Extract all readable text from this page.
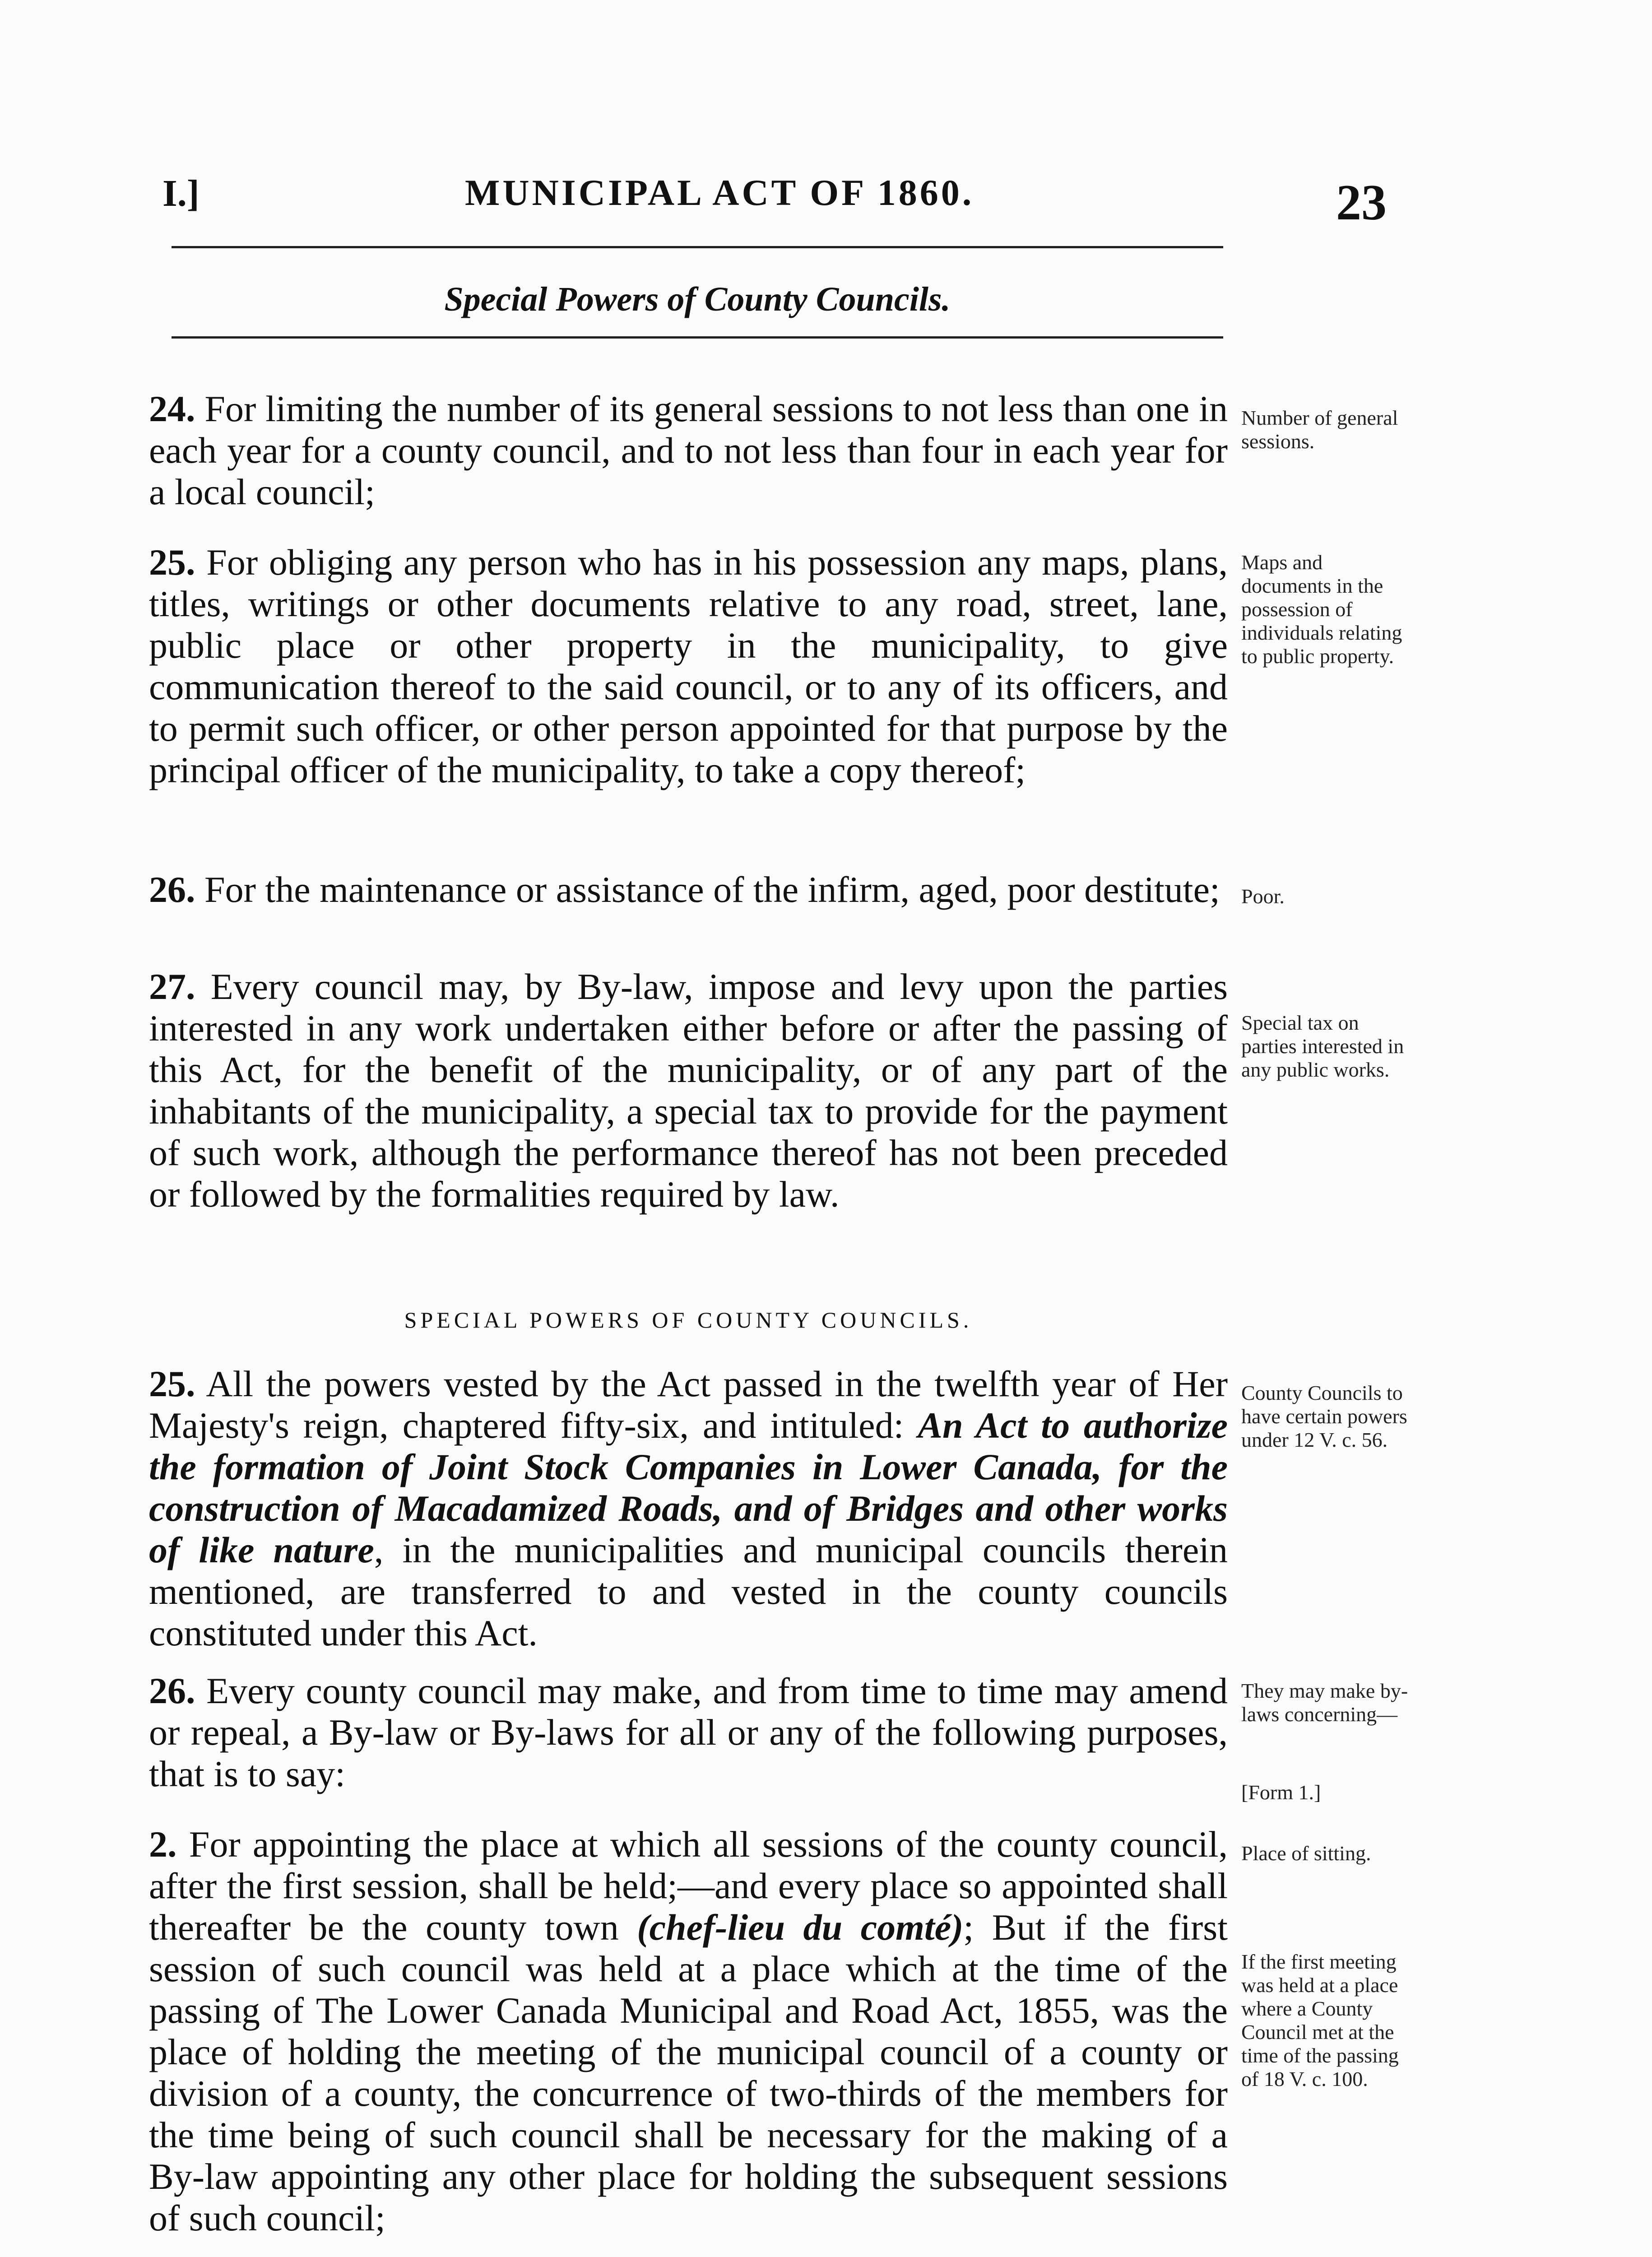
I.]	MUNICIPAL ACT OF 1860.	23
Special Powers of County Councils.
24. For limiting the number of its general sessions to not less than one in each year for a county council, and to not less than four in each year for a local council;
Number of general sessions.
25. For obliging any person who has in his possession any maps, plans, titles, writings or other documents relative to any road, street, lane, public place or other property in the municipality, to give communication thereof to the said council, or to any of its officers, and to permit such officer, or other person appointed for that purpose by the principal officer of the municipality, to take a copy thereof;
Maps and documents in the possession of individuals relating to public property.
26. For the maintenance or assistance of the infirm, aged, poor destitute;	Poor.
27. Every council may, by By-law, impose and levy upon the parties interested in any work undertaken either before or after the passing of this Act, for the benefit of the municipality, or of any part of the inhabitants of the municipality, a special tax to provide for the payment of such work, although the performance thereof has not been preceded or followed by the formalities required by law.
Special tax on parties interested in any public works.
SPECIAL POWERS OF COUNTY COUNCILS.
25. All the powers vested by the Act passed in the twelfth year of Her Majesty's reign, chaptered fifty-six, and intituled: An Act to authorize the formation of Joint Stock Companies in Lower Canada, for the construction of Macadamized Roads, and of Bridges and other works of like nature, in the municipalities and municipal councils therein mentioned, are transferred to and vested in the county councils constituted under this Act.
County Councils to have certain powers under 12 V. c. 56.
26. Every county council may make, and from time to time may amend or repeal, a By-law or By-laws for all or any of the following purposes, that is to say:
They may make by-laws concerning—
[Form 1.]
2. For appointing the place at which all sessions of the county council, after the first session, shall be held;—and every place so appointed shall thereafter be the county town (chef-lieu du comté); But if the first session of such council was held at a place which at the time of the passing of The Lower Canada Municipal and Road Act, 1855, was the place of holding the meeting of the municipal council of a county or division of a county, the concurrence of two-thirds of the members for the time being of such council shall be necessary for the making of a By-law appointing any other place for holding the subsequent sessions of such council;
Place of sitting.
If the first meeting was held at a place where a County Council met at the time of the passing of 18 V. c. 100.
